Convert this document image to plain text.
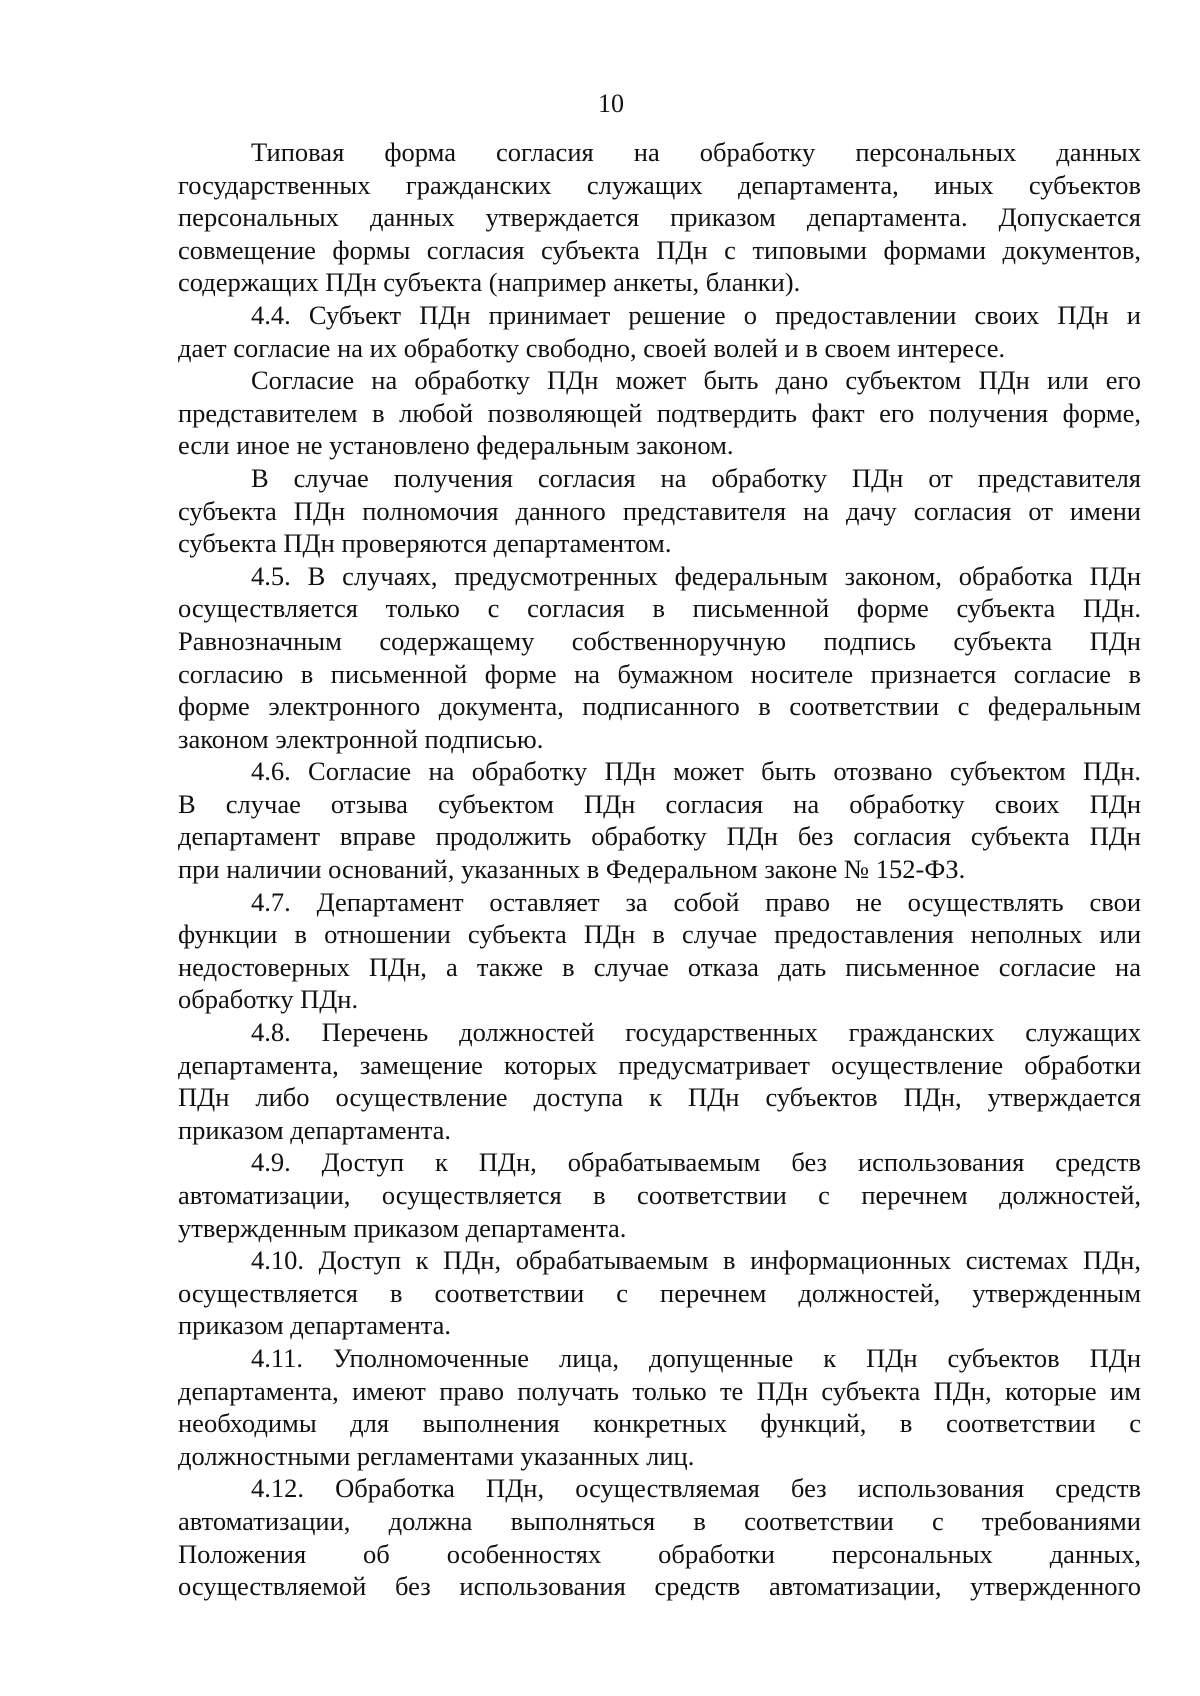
10
Типовая форма согласия на обработку персональных данных
государственных гражданских служащих департамента, иных субъектов
персональных данных утверждается приказом департамента. Допускается
совмещение формы согласия субъекта ПДн с типовыми формами документов,
содержащих ПДн субъекта (например анкеты, бланки).
4.4. Субъект ПДн принимает решение о предоставлении своих ПДн и
дает согласие на их обработку свободно, своей волей и в своем интересе.
Согласие на обработку ПДн может быть дано субъектом ПДн или его
представителем в любой позволяющей подтвердить факт его получения форме,
если иное не установлено федеральным законом.
В случае получения согласия на обработку ПДн от представителя
субъекта ПДн полномочия данного представителя на дачу согласия от имени
субъекта ПДн проверяются департаментом.
4.5. В случаях, предусмотренных федеральным законом, обработка ПДн
осуществляется только с согласия в письменной форме субъекта ПДн.
Равнозначным содержащему собственноручную подпись субъекта ПДн
согласию в письменной форме на бумажном носителе признается согласие в
форме электронного документа, подписанного в соответствии с федеральным
законом электронной подписью.
4.6. Согласие на обработку ПДн может быть отозвано субъектом ПДн.
В случае отзыва субъектом ПДн согласия на обработку своих ПДн
департамент вправе продолжить обработку ПДн без согласия субъекта ПДн
при наличии оснований, указанных в Федеральном законе № 152-ФЗ.
4.7. Департамент оставляет за собой право не осуществлять свои
функции в отношении субъекта ПДн в случае предоставления неполных или
недостоверных ПДн, а также в случае отказа дать письменное согласие на
обработку ПДн.
4.8. Перечень должностей государственных гражданских служащих
департамента, замещение которых предусматривает осуществление обработки
ПДн либо осуществление доступа к ПДн субъектов ПДн, утверждается
приказом департамента.
4.9. Доступ к ПДн, обрабатываемым без использования средств
автоматизации, осуществляется в соответствии с перечнем должностей,
утвержденным приказом департамента.
4.10. Доступ к ПДн, обрабатываемым в информационных системах ПДн,
осуществляется в соответствии с перечнем должностей, утвержденным
приказом департамента.
4.11. Уполномоченные лица, допущенные к ПДн субъектов ПДн
департамента, имеют право получать только те ПДн субъекта ПДн, которые им
необходимы для выполнения конкретных функций, в соответствии с
должностными регламентами указанных лиц.
4.12. Обработка ПДн, осуществляемая без использования средств
автоматизации, должна выполняться в соответствии с требованиями
Положения об особенностях обработки персональных данных,
осуществляемой без использования средств автоматизации, утвержденного
